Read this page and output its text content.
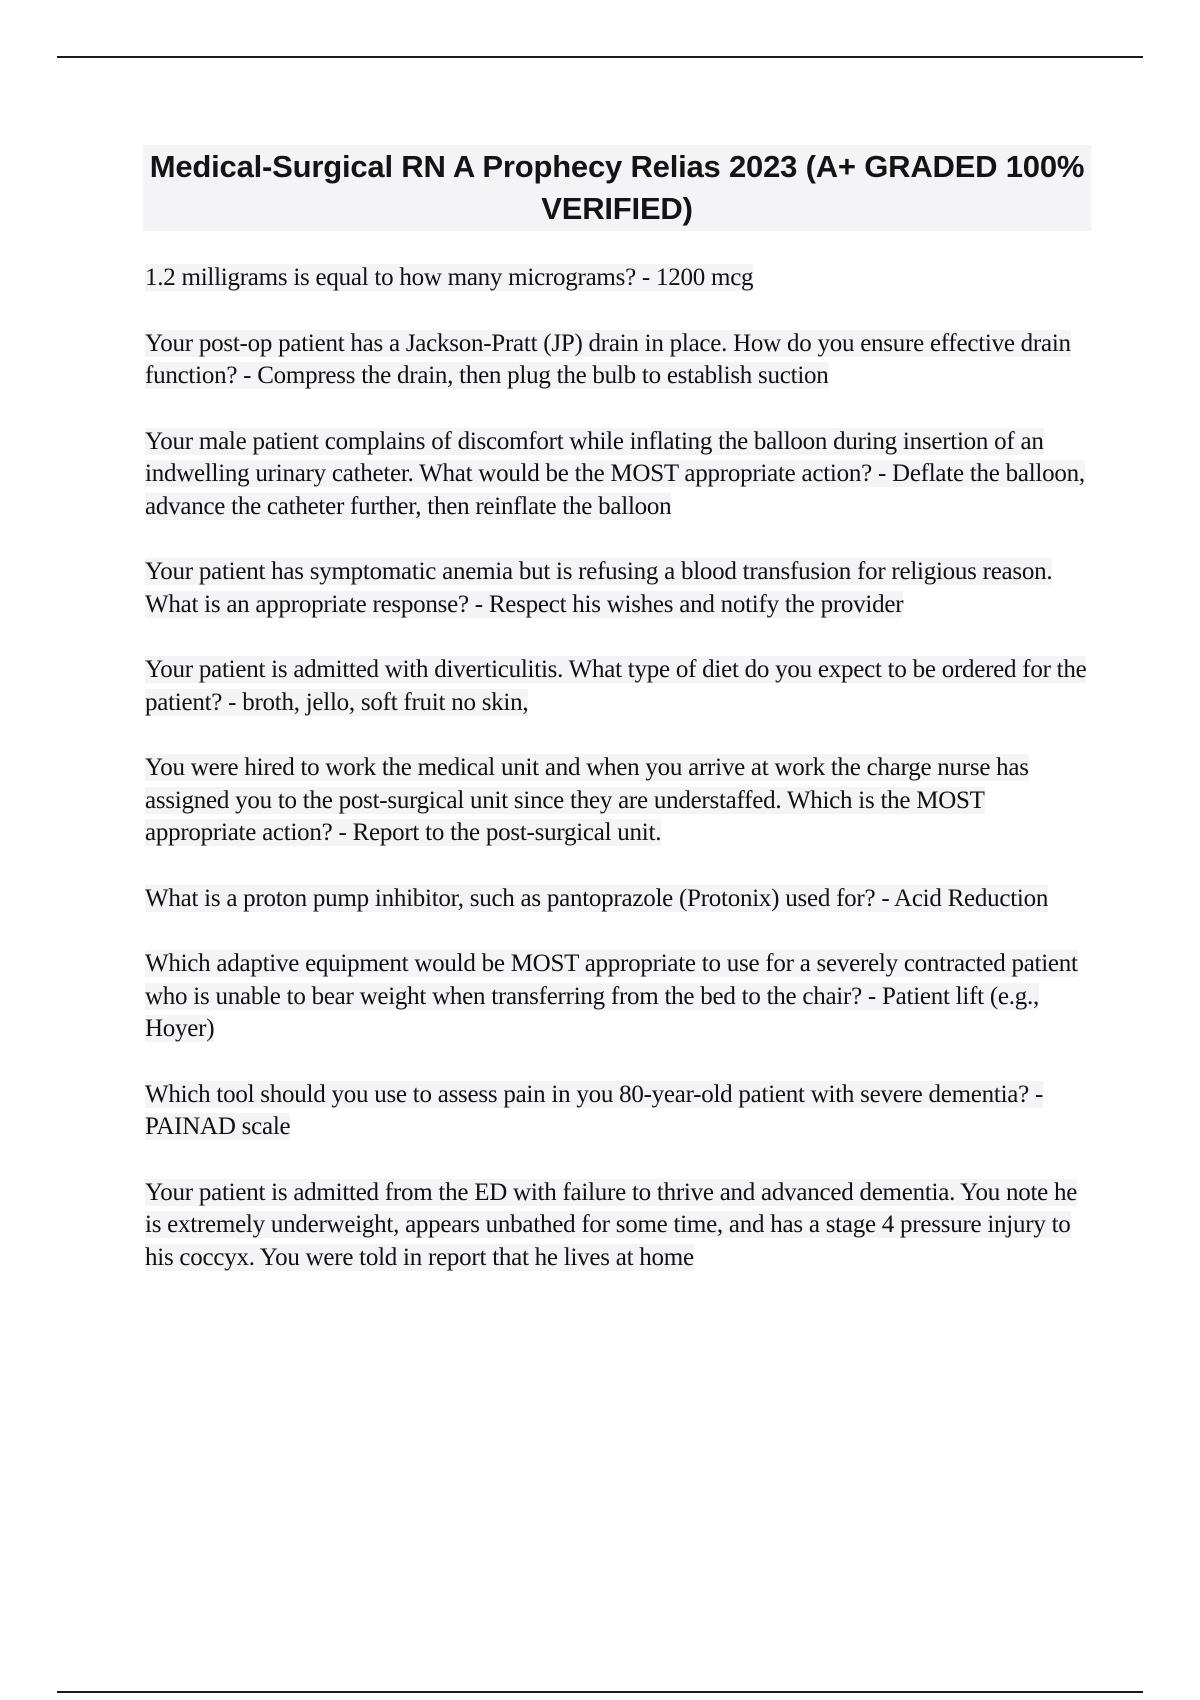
Medical-Surgical RN A Prophecy Relias 2023 (A+ GRADED 100% VERIFIED)
1.2 milligrams is equal to how many micrograms? - 1200 mcg
Your post-op patient has a Jackson-Pratt (JP) drain in place. How do you ensure effective drain function? - Compress the drain, then plug the bulb to establish suction
Your male patient complains of discomfort while inflating the balloon during insertion of an indwelling urinary catheter. What would be the MOST appropriate action? - Deflate the balloon, advance the catheter further, then reinflate the balloon
Your patient has symptomatic anemia but is refusing a blood transfusion for religious reason. What is an appropriate response? - Respect his wishes and notify the provider
Your patient is admitted with diverticulitis. What type of diet do you expect to be ordered for the patient? - broth, jello, soft fruit no skin,
You were hired to work the medical unit and when you arrive at work the charge nurse has assigned you to the post-surgical unit since they are understaffed. Which is the MOST appropriate action? - Report to the post-surgical unit.
What is a proton pump inhibitor, such as pantoprazole (Protonix) used for? - Acid Reduction
Which adaptive equipment would be MOST appropriate to use for a severely contracted patient who is unable to bear weight when transferring from the bed to the chair? - Patient lift (e.g., Hoyer)
Which tool should you use to assess pain in you 80-year-old patient with severe dementia? - PAINAD scale
Your patient is admitted from the ED with failure to thrive and advanced dementia. You note he is extremely underweight, appears unbathed for some time, and has a stage 4 pressure injury to his coccyx. You were told in report that he lives at home
